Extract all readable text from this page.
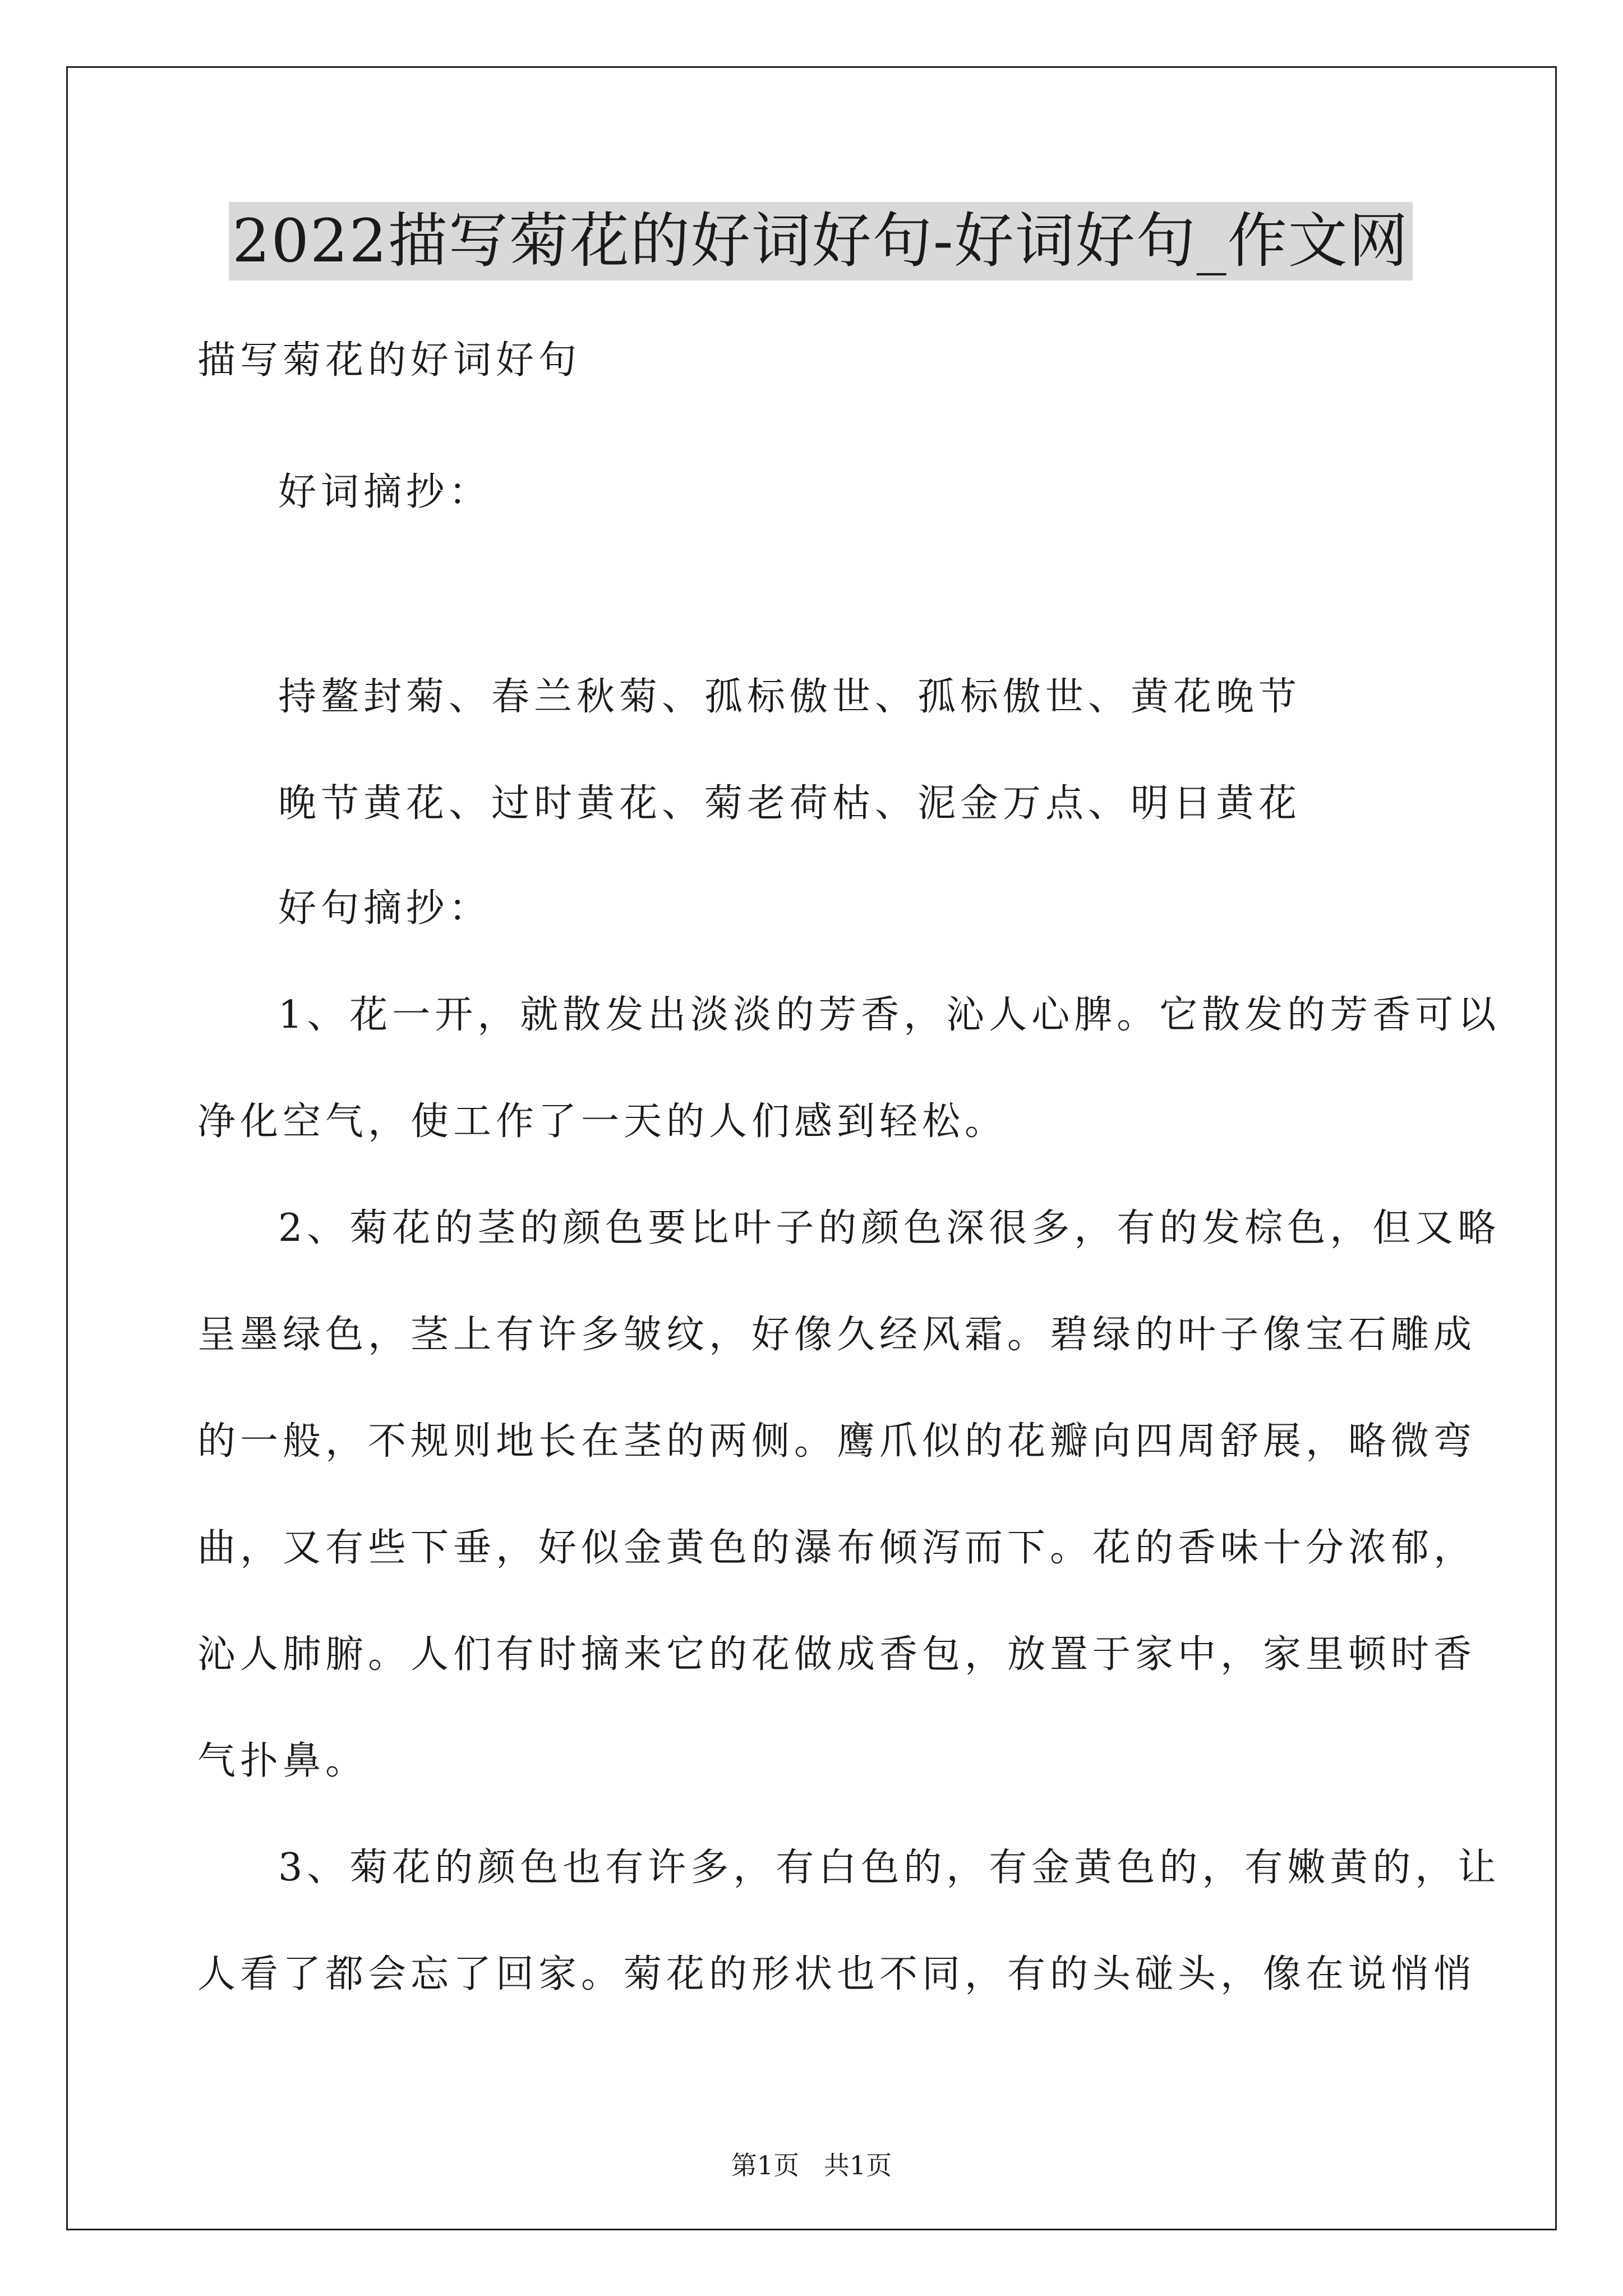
2022描写菊花的好词好句-好词好句_作文网
描写菊花的好词好句
好词摘抄：
持鳌封菊、春兰秋菊、孤标傲世、孤标傲世、黄花晚节
晚节黄花、过时黄花、菊老荷枯、泥金万点、明日黄花
好句摘抄：
1、花一开，就散发出淡淡的芳香，沁人心脾。它散发的芳香可以
净化空气，使工作了一天的人们感到轻松。
2、菊花的茎的颜色要比叶子的颜色深很多，有的发棕色，但又略
呈墨绿色，茎上有许多皱纹，好像久经风霜。碧绿的叶子像宝石雕成
的一般，不规则地长在茎的两侧。鹰爪似的花瓣向四周舒展，略微弯
曲，又有些下垂，好似金黄色的瀑布倾泻而下。花的香味十分浓郁，
沁人肺腑。人们有时摘来它的花做成香包，放置于家中，家里顿时香
气扑鼻。
3、菊花的颜色也有许多，有白色的，有金黄色的，有嫩黄的，让
人看了都会忘了回家。菊花的形状也不同，有的头碰头，像在说悄悄
第1页   共1页
